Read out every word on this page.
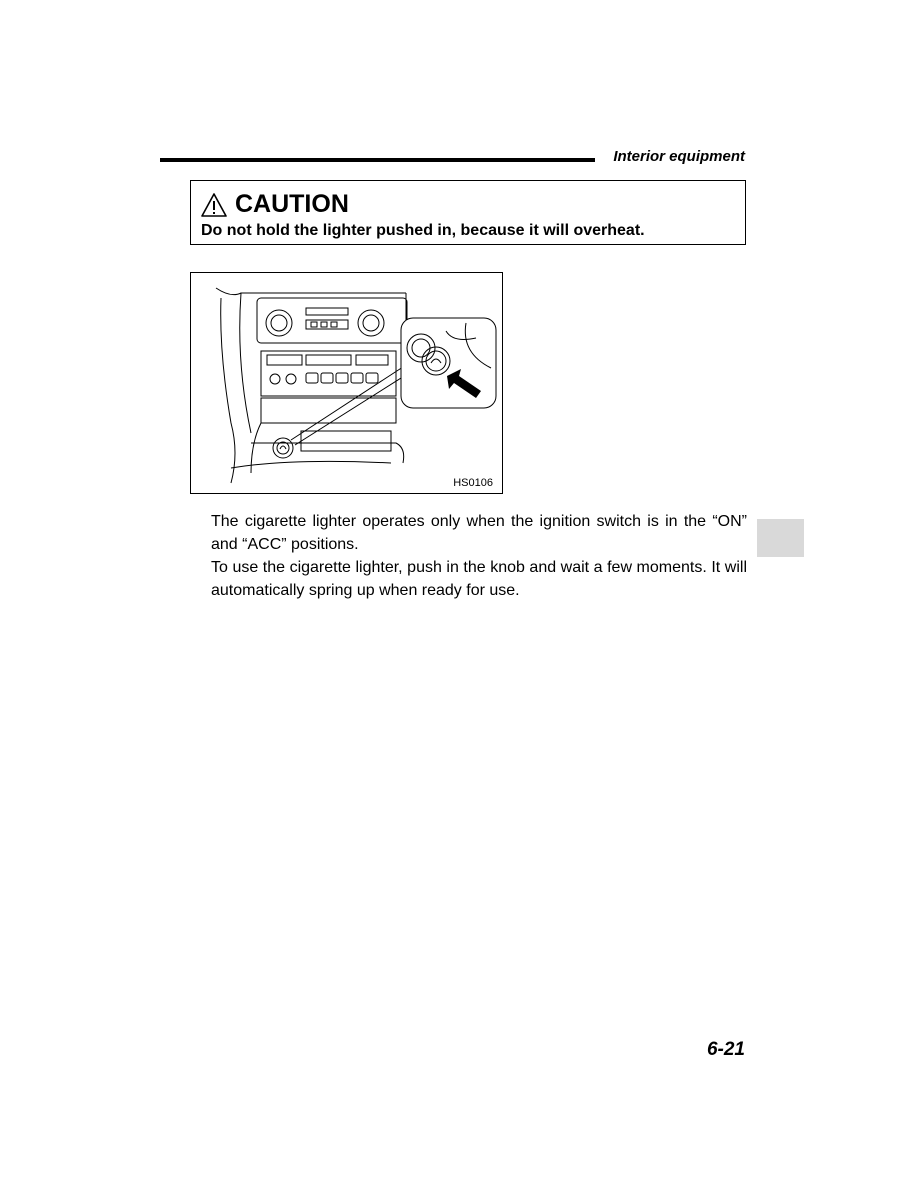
Interior equipment
CAUTION
Do not hold the lighter pushed in, because it will overheat.
HS0106

The cigarette lighter operates only when the ignition switch is in the “ON” and “ACC” positions.

To use the cigarette lighter, push in the knob and wait a few moments. It will automatically spring up when ready for use.

6-21
